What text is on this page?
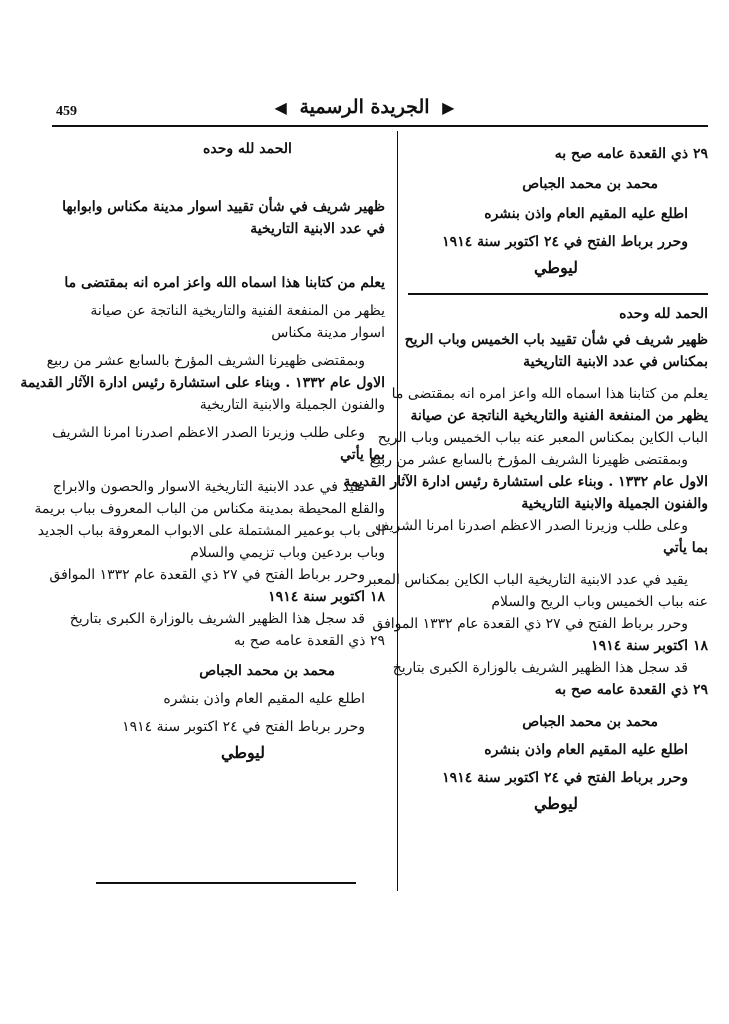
459	◀ الجريدة الرسمية ▶
٢٩ ذي القعدة عامه صح به
محمد بن محمد الجباص
اطلع عليه المقيم العام واذن بنشره
وحرر برباط الفتح في ٢٤ اكتوبر سنة ١٩١٤
ليوطي
الحمد لله وحده
ظهير شريف في شأن تقييد باب الخميس وباب الريح
بمكناس في عدد الابنية التاريخية
يعلم من كتابنا هذا اسماه الله واعز امره انه بمقتضى ما
يظهر من المنفعة الفنية والتاريخية الناتجة عن صيانة
الباب الكاين بمكناس المعبر عنه بباب الخميس وباب الريح
وبمقتضى ظهيرنا الشريف المؤرخ بالسابع عشر من ربيع
الاول عام ١٣٣٢ . وبناء على استشارة رئيس ادارة الآثار القديمة
والفنون الجميلة والابنية التاريخية
وعلى طلب وزيرنا الصدر الاعظم اصدرنا امرنا الشريف
بما يأتي
يقيد في عدد الابنية التاريخية الباب الكاين بمكناس المعبر
عنه بباب الخميس وباب الريح والسلام
وحرر برباط الفتح في ٢٧ ذي القعدة عام ١٣٣٢ الموافق
١٨ اكتوبر سنة ١٩١٤
قد سجل هذا الظهير الشريف بالوزارة الكبرى بتاريخ
٢٩ ذي القعدة عامه صح به
محمد بن محمد الجباص
اطلع عليه المقيم العام واذن بنشره
وحرر برباط الفتح في ٢٤ اكتوبر سنة ١٩١٤
ليوطي
الحمد لله وحده
ظهير شريف في شأن تقييد اسوار مدينة مكناس وابوابها
في عدد الابنية التاريخية
يعلم من كتابنا هذا اسماه الله واعز امره انه بمقتضى ما
يظهر من المنفعة الفنية والتاريخية الناتجة عن صيانة
اسوار مدينة مكناس
وبمقتضى ظهيرنا الشريف المؤرخ بالسابع عشر من ربيع
الاول عام ١٣٣٢ . وبناء على استشارة رئيس ادارة الآثار القديمة
والفنون الجميلة والابنية التاريخية
وعلى طلب وزيرنا الصدر الاعظم اصدرنا امرنا الشريف
بما يأتي
تقيد في عدد الابنية التاريخية الاسوار والحصون والابراج
والقلع المحيطة بمدينة مكناس من الباب المعروف بباب بريمة
الى باب بوعمير المشتملة على الابواب المعروفة بباب الجديد
وباب بردعين وباب تزيمي والسلام
وحرر برباط الفتح في ٢٧ ذي القعدة عام ١٣٣٢ الموافق
١٨ اكتوبر سنة ١٩١٤
قد سجل هذا الظهير الشريف بالوزارة الكبرى بتاريخ
٢٩ ذي القعدة عامه صح به
محمد بن محمد الجباص
اطلع عليه المقيم العام واذن بنشره
وحرر برباط الفتح في ٢٤ اكتوبر سنة ١٩١٤
ليوطي
